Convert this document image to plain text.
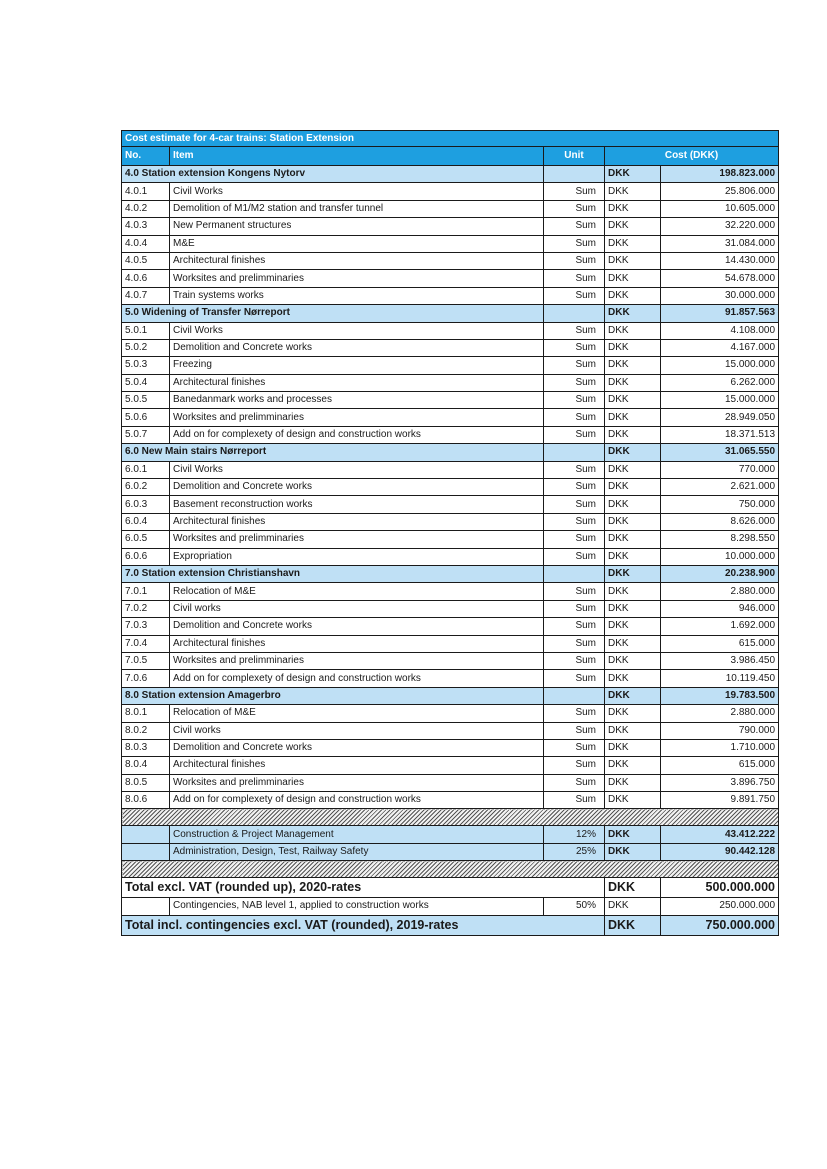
Cost estimate for 4-car trains: Station Extension				
No.	Item	Unit	Cost (DKK)	
4.0 Station extension Kongens Nytorv			DKK	198.823.000
4.0.1	Civil Works	Sum	DKK	25.806.000
4.0.2	Demolition of M1/M2 station and transfer tunnel	Sum	DKK	10.605.000
4.0.3	New Permanent structures	Sum	DKK	32.220.000
4.0.4	M&E	Sum	DKK	31.084.000
4.0.5	Architectural finishes	Sum	DKK	14.430.000
4.0.6	Worksites and prelimminaries	Sum	DKK	54.678.000
4.0.7	Train systems works	Sum	DKK	30.000.000
5.0 Widening of Transfer Nørreport			DKK	91.857.563
5.0.1	Civil Works	Sum	DKK	4.108.000
5.0.2	Demolition and Concrete works	Sum	DKK	4.167.000
5.0.3	Freezing	Sum	DKK	15.000.000
5.0.4	Architectural finishes	Sum	DKK	6.262.000
5.0.5	Banedanmark works and processes	Sum	DKK	15.000.000
5.0.6	Worksites and prelimminaries	Sum	DKK	28.949.050
5.0.7	Add on for complexety of design and construction works	Sum	DKK	18.371.513
6.0 New Main stairs Nørreport			DKK	31.065.550
6.0.1	Civil Works	Sum	DKK	770.000
6.0.2	Demolition and Concrete works	Sum	DKK	2.621.000
6.0.3	Basement reconstruction works	Sum	DKK	750.000
6.0.4	Architectural finishes	Sum	DKK	8.626.000
6.0.5	Worksites and prelimminaries	Sum	DKK	8.298.550
6.0.6	Expropriation	Sum	DKK	10.000.000
7.0 Station extension Christianshavn			DKK	20.238.900
7.0.1	Relocation of M&E	Sum	DKK	2.880.000
7.0.2	Civil works	Sum	DKK	946.000
7.0.3	Demolition and Concrete works	Sum	DKK	1.692.000
7.0.4	Architectural finishes	Sum	DKK	615.000
7.0.5	Worksites and prelimminaries	Sum	DKK	3.986.450
7.0.6	Add on for complexety of design and construction works	Sum	DKK	10.119.450
8.0 Station extension Amagerbro			DKK	19.783.500
8.0.1	Relocation of M&E	Sum	DKK	2.880.000
8.0.2	Civil works	Sum	DKK	790.000
8.0.3	Demolition and Concrete works	Sum	DKK	1.710.000
8.0.4	Architectural finishes	Sum	DKK	615.000
8.0.5	Worksites and prelimminaries	Sum	DKK	3.896.750
8.0.6	Add on for complexety of design and construction works	Sum	DKK	9.891.750

	Construction & Project Management	12%	DKK	43.412.222
	Administration, Design, Test, Railway Safety	25%	DKK	90.442.128

Total excl. VAT (rounded up), 2020-rates			DKK	500.000.000
	Contingencies, NAB level 1, applied to construction works	50%	DKK	250.000.000
Total incl. contingencies excl. VAT (rounded), 2019-rates			DKK	750.000.000
